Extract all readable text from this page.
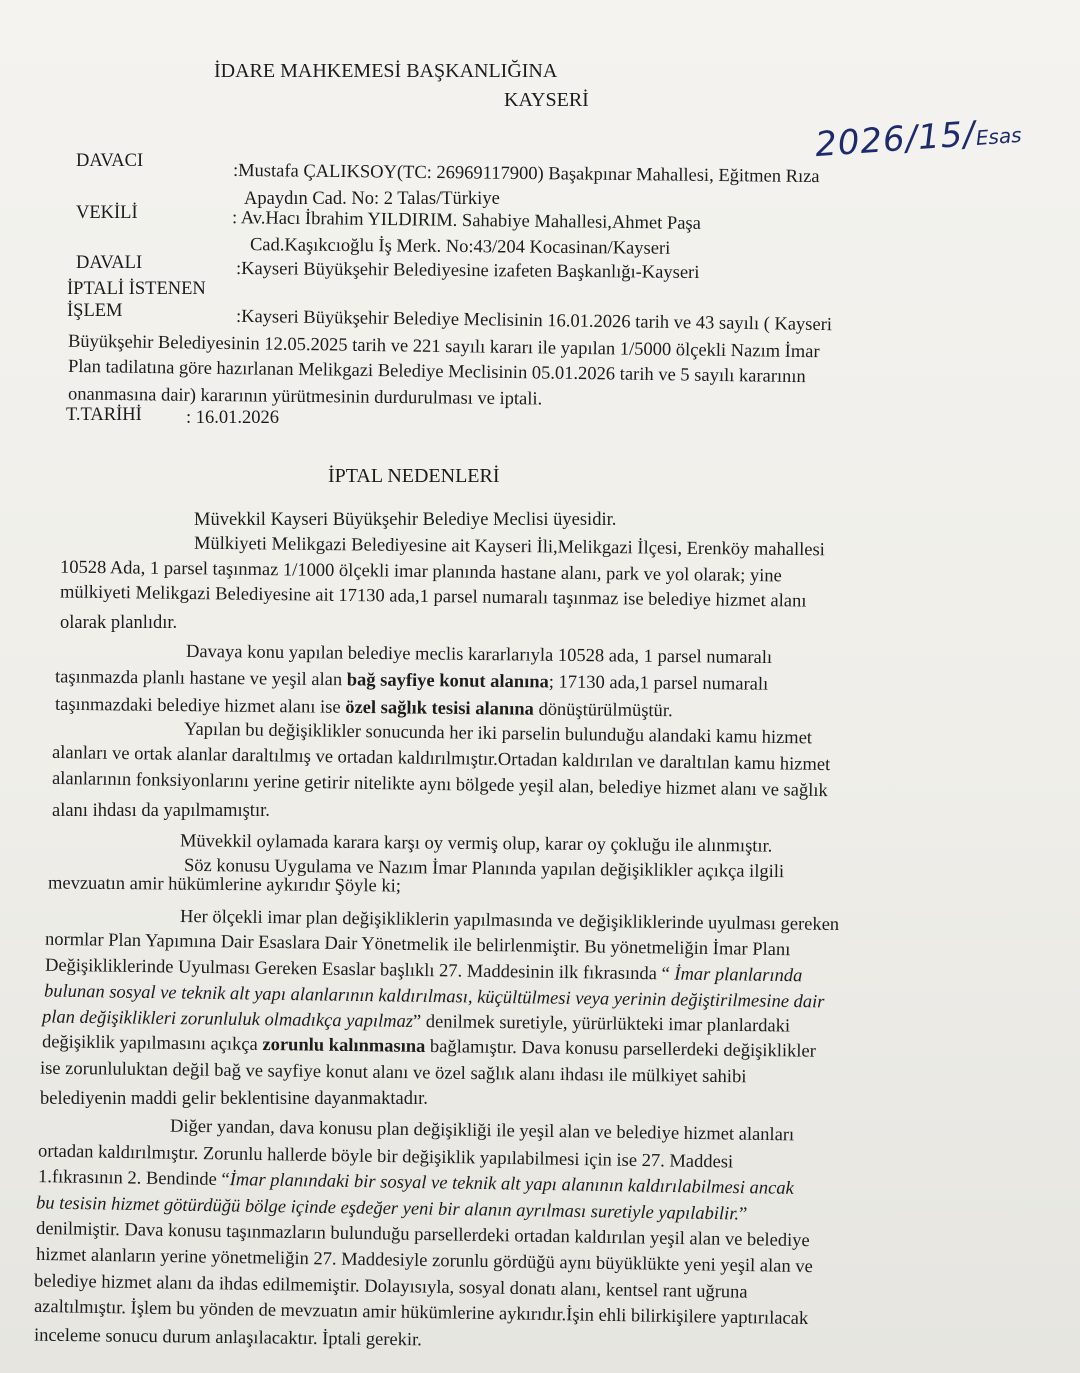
İDARE MAHKEMESİ BAŞKANLIĞINA
KAYSERİ
2026/15/Esas
DAVACI	:Mustafa ÇALIKSOY(TC: 26969117900) Başakpınar Mahallesi, Eğitmen Rıza
Apaydın Cad. No: 2 Talas/Türkiye
VEKİLİ	: Av.Hacı İbrahim YILDIRIM. Sahabiye Mahallesi,Ahmet Paşa
Cad.Kaşıkcıoğlu İş Merk. No:43/204 Kocasinan/Kayseri
DAVALI	:Kayseri Büyükşehir Belediyesine izafeten Başkanlığı-Kayseri
İPTALİ İSTENEN
İŞLEM	:Kayseri Büyükşehir Belediye Meclisinin 16.01.2026 tarih ve 43 sayılı ( Kayseri
Büyükşehir Belediyesinin 12.05.2025 tarih ve 221 sayılı kararı ile yapılan 1/5000 ölçekli Nazım İmar
Plan tadilatına göre hazırlanan Melikgazi Belediye Meclisinin 05.01.2026 tarih ve 5 sayılı kararının
onanmasına dair) kararının yürütmesinin durdurulması ve iptali.
T.TARİHİ : 16.01.2026
İPTAL NEDENLERİ
Müvekkil Kayseri Büyükşehir Belediye Meclisi üyesidir.
Mülkiyeti Melikgazi Belediyesine ait Kayseri İli,Melikgazi İlçesi, Erenköy mahallesi
10528 Ada, 1 parsel taşınmaz 1/1000 ölçekli imar planında hastane alanı, park ve yol olarak; yine
mülkiyeti Melikgazi Belediyesine ait 17130 ada,1 parsel numaralı taşınmaz ise belediye hizmet alanı
olarak planlıdır.
Davaya konu yapılan belediye meclis kararlarıyla 10528 ada, 1 parsel numaralı
taşınmazda planlı hastane ve yeşil alan bağ sayfiye konut alanına; 17130 ada,1 parsel numaralı
taşınmazdaki belediye hizmet alanı ise özel sağlık tesisi alanına dönüştürülmüştür.
Yapılan bu değişiklikler sonucunda her iki parselin bulunduğu alandaki kamu hizmet
alanları ve ortak alanlar daraltılmış ve ortadan kaldırılmıştır.Ortadan kaldırılan ve daraltılan kamu hizmet
alanlarının fonksiyonlarını yerine getirir nitelikte aynı bölgede yeşil alan, belediye hizmet alanı ve sağlık
alanı ihdası da yapılmamıştır.
Müvekkil oylamada karara karşı oy vermiş olup, karar oy çokluğu ile alınmıştır.
Söz konusu Uygulama ve Nazım İmar Planında yapılan değişiklikler açıkça ilgili
mevzuatın amir hükümlerine aykırıdır Şöyle ki;
Her ölçekli imar plan değişikliklerin yapılmasında ve değişikliklerinde uyulması gereken
normlar Plan Yapımına Dair Esaslara Dair Yönetmelik ile belirlenmiştir. Bu yönetmeliğin İmar Planı
Değişikliklerinde Uyulması Gereken Esaslar başlıklı 27. Maddesinin ilk fıkrasında “ İmar planlarında
bulunan sosyal ve teknik alt yapı alanlarının kaldırılması, küçültülmesi veya yerinin değiştirilmesine dair
plan değişiklikleri zorunluluk olmadıkça yapılmaz” denilmek suretiyle, yürürlükteki imar planlardaki
değişiklik yapılmasını açıkça zorunlu kalınmasına bağlamıştır. Dava konusu parsellerdeki değişiklikler
ise zorunluluktan değil bağ ve sayfiye konut alanı ve özel sağlık alanı ihdası ile mülkiyet sahibi
belediyenin maddi gelir beklentisine dayanmaktadır.
Diğer yandan, dava konusu plan değişikliği ile yeşil alan ve belediye hizmet alanları
ortadan kaldırılmıştır. Zorunlu hallerde böyle bir değişiklik yapılabilmesi için ise 27. Maddesi
1.fıkrasının 2. Bendinde “İmar planındaki bir sosyal ve teknik alt yapı alanının kaldırılabilmesi ancak
bu tesisin hizmet götürdüğü bölge içinde eşdeğer yeni bir alanın ayrılması suretiyle yapılabilir.”
denilmiştir. Dava konusu taşınmazların bulunduğu parsellerdeki ortadan kaldırılan yeşil alan ve belediye
hizmet alanların yerine yönetmeliğin 27. Maddesiyle zorunlu gördüğü aynı büyüklükte yeni yeşil alan ve
belediye hizmet alanı da ihdas edilmemiştir. Dolayısıyla, sosyal donatı alanı, kentsel rant uğruna
azaltılmıştır. İşlem bu yönden de mevzuatın amir hükümlerine aykırıdır.İşin ehli bilirkişilere yaptırılacak
inceleme sonucu durum anlaşılacaktır. İptali gerekir.
